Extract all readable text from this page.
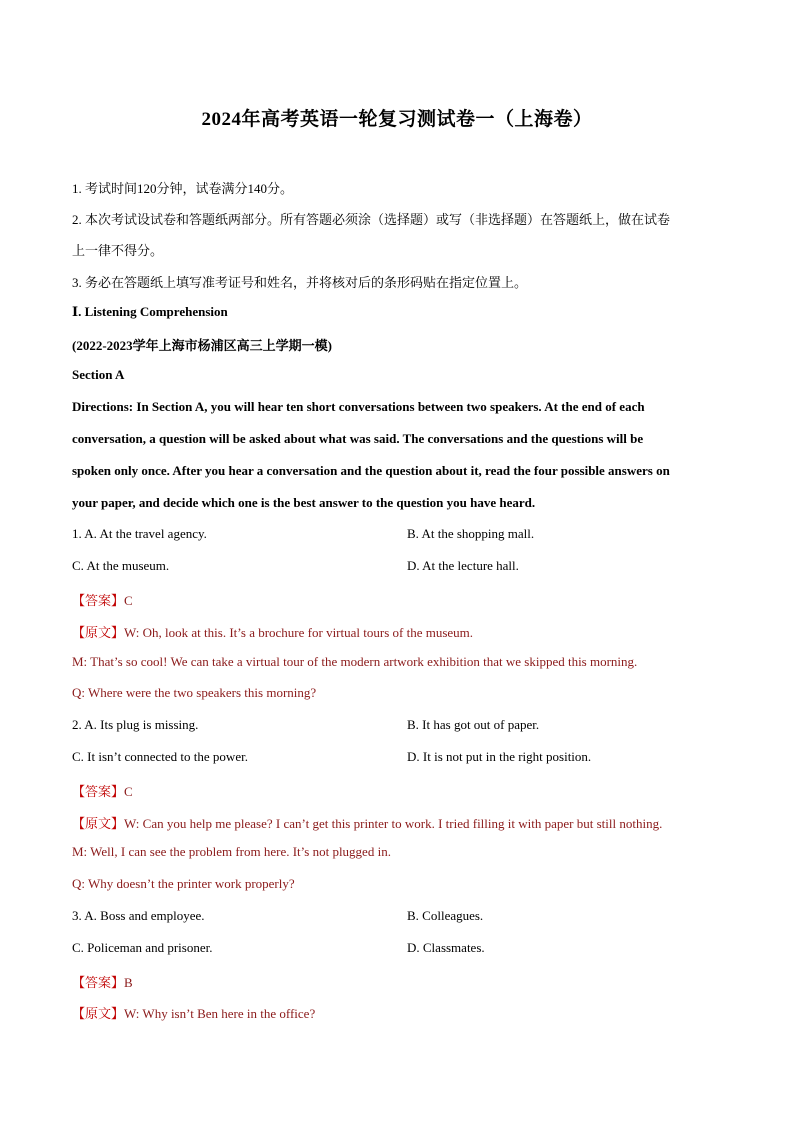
2024年高考英语一轮复习测试卷一（上海卷）
1. 考试时间120分钟，试卷满分140分。
2. 本次考试设试卷和答题纸两部分。所有答题必须涂（选择题）或写（非选择题）在答题纸上，做在试卷
上一律不得分。
3. 务必在答题纸上填写准考证号和姓名，并将核对后的条形码贴在指定位置上。
Ⅰ. Listening Comprehension
(2022-2023学年上海市杨浦区高三上学期一模)
Section A
Directions: In Section A, you will hear ten short conversations between two speakers. At the end of each
conversation, a question will be asked about what was said. The conversations and the questions will be
spoken only once. After you hear a conversation and the question about it, read the four possible answers on
your paper, and decide which one is the best answer to the question you have heard.
1. A. At the travel agency.	B. At the shopping mall.
C. At the museum.	D. At the lecture hall.
【答案】C
【原文】W: Oh, look at this. It’s a brochure for virtual tours of the museum.
M: That’s so cool! We can take a virtual tour of the modern artwork exhibition that we skipped this morning.
Q: Where were the two speakers this morning?
2. A. Its plug is missing.	B. It has got out of paper.
C. It isn’t connected to the power.	D. It is not put in the right position.
【答案】C
【原文】W: Can you help me please? I can’t get this printer to work. I tried filling it with paper but still nothing.
M: Well, I can see the problem from here. It’s not plugged in.
Q: Why doesn’t the printer work properly?
3. A. Boss and employee.	B. Colleagues.
C. Policeman and prisoner.	D. Classmates.
【答案】B
【原文】W: Why isn’t Ben here in the office?
